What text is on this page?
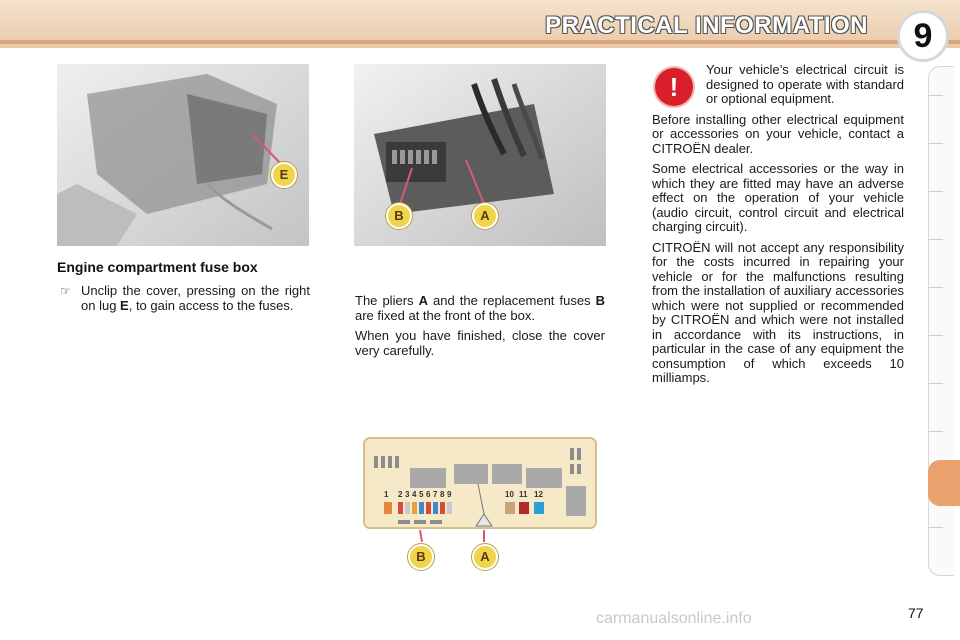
PRACTICAL INFORMATION	9
E
B	A
Engine compartment fuse box
☞ Unclip the cover, pressing on the right on lug E, to gain access to the fuses.	The pliers A and the replacement fuses B are fixed at the front of the box.

When you have finished, close the cover very carefully.

1 2 3 4 5 6 7 8 9	10 11 12
B	A
!

Your vehicle’s electrical circuit is designed to operate with standard or optional equipment.

Before installing other electrical equipment or accessories on your vehicle, contact a CITROËN dealer.

Some electrical accessories or the way in which they are fitted may have an adverse effect on the operation of your vehicle (audio circuit, control circuit and electrical charging circuit).

CITROËN will not accept any responsibility for the costs incurred in repairing your vehicle or for the malfunctions resulting from the installation of auxiliary accessories which were not supplied or recommended by CITROËN and which were not installed in accordance with its instructions, in particular in the case of any equipment the consumption of which exceeds 10 milliamps.

77
carmanualsonline.info
